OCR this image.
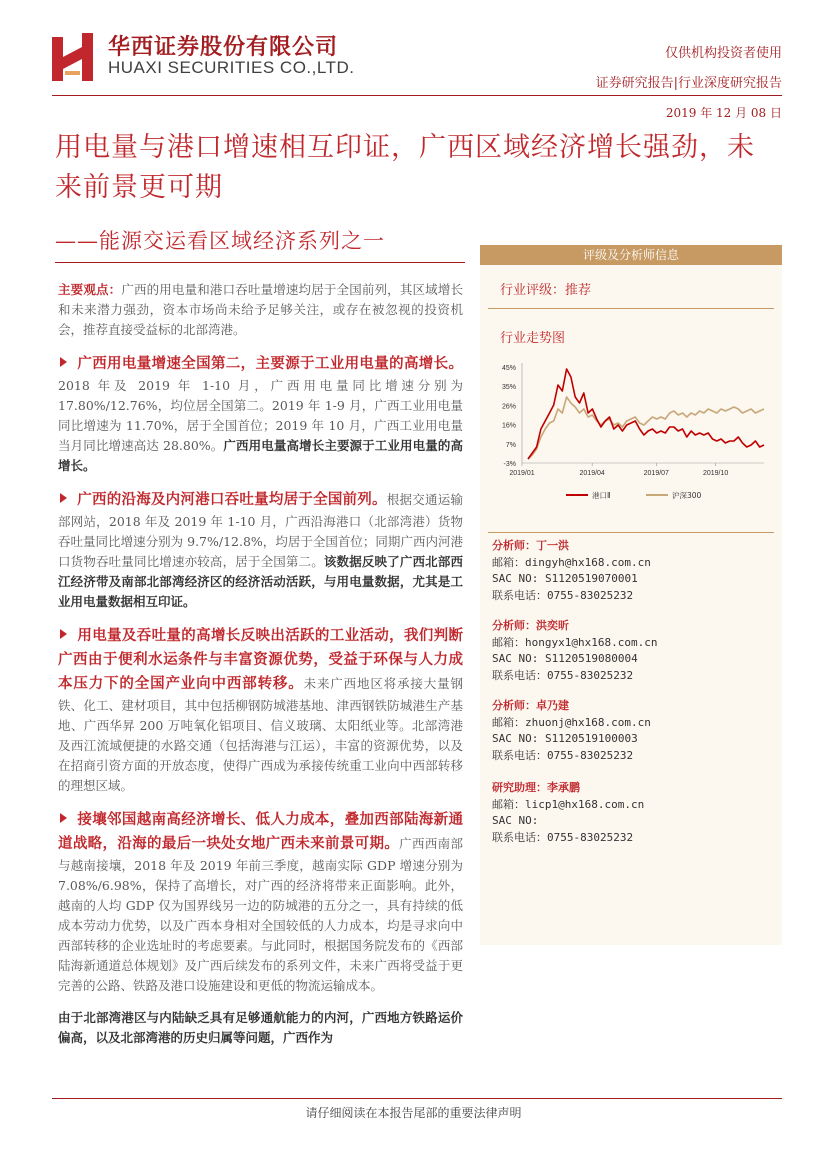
华西证券股份有限公司
HUAXI SECURITIES CO.,LTD.
仅供机构投资者使用
证券研究报告|行业深度研究报告
2019 年 12 月 08 日
用电量与港口增速相互印证，广西区域经济增长强劲，未来前景更可期
——能源交运看区域经济系列之一

主要观点：广西的用电量和港口吞吐量增速均居于全国前列，其区域增长和未来潜力强劲，资本市场尚未给予足够关注，或存在被忽视的投资机会，推荐直接受益标的北部湾港。

广西用电量增速全国第二，主要源于工业用电量的高增长。2018 年及 2019 年 1-10 月，广西用电量同比增速分别为 17.80%/12.76%，均位居全国第二。2019 年 1-9 月，广西工业用电量同比增速为 11.70%，居于全国首位；2019 年 10 月，广西工业用电量当月同比增速高达 28.80%。广西用电量高增长主要源于工业用电量的高增长。

广西的沿海及内河港口吞吐量均居于全国前列。根据交通运输部网站，2018 年及 2019 年 1-10 月，广西沿海港口（北部湾港）货物吞吐量同比增速分别为 9.7%/12.8%，均居于全国首位；同期广西内河港口货物吞吐量同比增速亦较高，居于全国第二。该数据反映了广西北部西江经济带及南部北部湾经济区的经济活动活跃，与用电量数据，尤其是工业用电量数据相互印证。

用电量及吞吐量的高增长反映出活跃的工业活动，我们判断广西由于便利水运条件与丰富资源优势，受益于环保与人力成本压力下的全国产业向中西部转移。未来广西地区将承接大量钢铁、化工、建材项目，其中包括柳钢防城港基地、津西钢铁防城港生产基地、广西华昇 200 万吨氧化铝项目、信义玻璃、太阳纸业等。北部湾港及西江流域便捷的水路交通（包括海港与江运），丰富的资源优势，以及在招商引资方面的开放态度，使得广西成为承接传统重工业向中西部转移的理想区域。

接壤邻国越南高经济增长、低人力成本，叠加西部陆海新通道战略，沿海的最后一块处女地广西未来前景可期。广西西南部与越南接壤，2018 年及 2019 年前三季度，越南实际 GDP 增速分别为 7.08%/6.98%，保持了高增长，对广西的经济将带来正面影响。此外，越南的人均 GDP 仅为国界线另一边的防城港的五分之一，具有持续的低成本劳动力优势，以及广西本身相对全国较低的人力成本，均是寻求向中西部转移的企业选址时的考虑要素。与此同时，根据国务院发布的《西部陆海新通道总体规划》及广西后续发布的系列文件，未来广西将受益于更完善的公路、铁路及港口设施建设和更低的物流运输成本。

由于北部湾港区与内陆缺乏具有足够通航能力的内河，广西地方铁路运价偏高，以及北部湾港的历史归属等问题，广西作为

评级及分析师信息
行业评级：推荐
行业走势图
45%
35%
26%
16%
7%
-3%
2019/01	2019/04	2019/07	2019/10
港口Ⅱ	沪深300
分析师：丁一洪
邮箱：dingyh@hx168.com.cn
SAC NO: S1120519070001
联系电话：0755-83025232
分析师：洪奕昕
邮箱：hongyx1@hx168.com.cn
SAC NO: S1120519080004
联系电话：0755-83025232
分析师：卓乃建
邮箱：zhuonj@hx168.com.cn
SAC NO: S1120519100003
联系电话：0755-83025232
研究助理：李承鹏
邮箱：licp1@hx168.com.cn
SAC NO:
联系电话：0755-83025232
请仔细阅读在本报告尾部的重要法律声明
